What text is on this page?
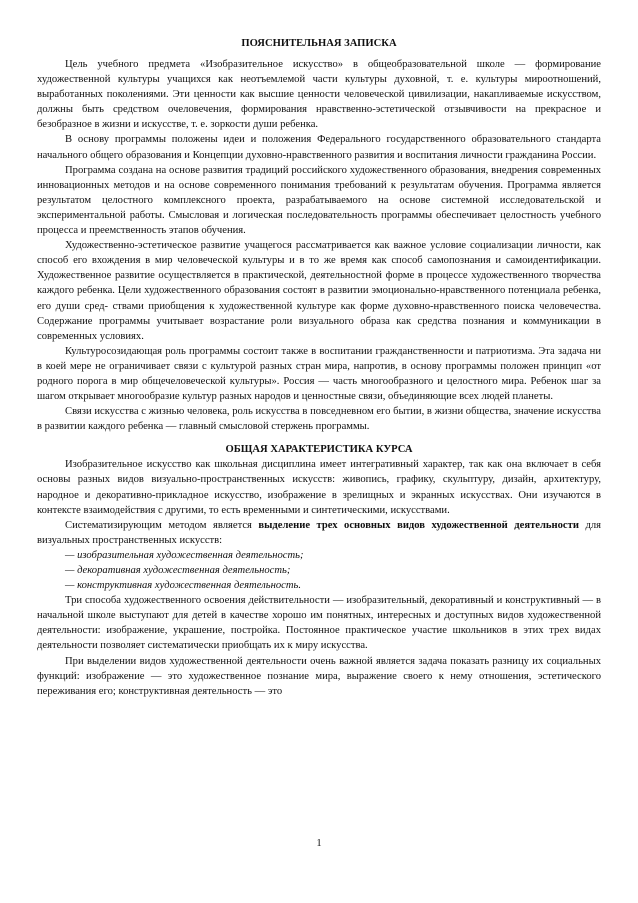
ПОЯСНИТЕЛЬНАЯ ЗАПИСКА

Цель учебного предмета «Изобразительное искусство» в общеобразовательной школе — формирование художественной культуры учащихся как неотъемлемой части культуры духовной, т. е. культуры мироотношений, выработанных поколениями. Эти ценности как высшие ценности человеческой цивилизации, накапливаемые искусством, должны быть средством очеловечения, формирования нравственно-эстетической отзывчивости на прекрасное и безобразное в жизни и искусстве, т. е. зоркости души ребенка.

В основу программы положены идеи и положения Федерального государственного образовательного стандарта начального общего образования и Концепции духовно-нравственного развития и воспитания личности гражданина России.

Программа создана на основе развития традиций российского художественного образования, внедрения современных инновационных методов и на основе современного понимания требований к результатам обучения. Программа является результатом целостного комплексного проекта, разрабатываемого на основе системной исследовательской и экспериментальной работы. Смысловая и логическая последовательность программы обеспечивает целостность учебного процесса и преемственность этапов обучения.

Художественно-эстетическое развитие учащегося рассматривается как важное условие социализации личности, как способ его вхождения в мир человеческой культуры и в то же время как способ самопознания и самоидентификации. Художественное развитие осуществляется в практической, деятельностной форме в процессе художественного творчества каждого ребенка. Цели художественного образования состоят в развитии эмоционально-нравственного потенциала ребенка, его души сред- ствами приобщения к художественной культуре как форме духовно-нравственного поиска человечества. Содержание программы учитывает возрастание роли визуального образа как средства познания и коммуникации в современных условиях.

Культуросозидающая роль программы состоит также в воспитании гражданственности и патриотизма. Эта задача ни в коей мере не ограничивает связи с культурой разных стран мира, напротив, в основу программы положен принцип «от родного порога в мир общечеловеческой культуры». Россия — часть многообразного и целостного мира. Ребенок шаг за шагом открывает многообразие культур разных народов и ценностные связи, объединяющие всех людей планеты.

Связи искусства с жизнью человека, роль искусства в повседневном его бытии, в жизни общества, значение искусства в развитии каждого ребенка — главный смысловой стержень программы.

ОБЩАЯ ХАРАКТЕРИСТИКА КУРСА

Изобразительное искусство как школьная дисциплина имеет интегративный характер, так как она включает в себя основы разных видов визуально-пространственных искусств: живопись, графику, скульптуру, дизайн, архитектуру, народное и декоративно-прикладное искусство, изображение в зрелищных и экранных искусствах. Они изучаются в контексте взаимодействия с другими, то есть временными и синтетическими, искусствами.

Систематизирующим методом является выделение трех основных видов художественной деятельности для визуальных пространственных искусств:

— изобразительная художественная деятельность;
— декоративная художественная деятельность;
— конструктивная художественная деятельность.

Три способа художественного освоения действительности — изобразительный, декоративный и конструктивный — в начальной школе выступают для детей в качестве хорошо им понятных, интересных и доступных видов художественной деятельности: изображение, украшение, постройка. Постоянное практическое участие школьников в этих трех видах деятельности позволяет систематически приобщать их к миру искусства.

При выделении видов художественной деятельности очень важной является задача показать разницу их социальных функций: изображение — это художественное познание мира, выражение своего к нему отношения, эстетического переживания его; конструктивная деятельность — это

1
